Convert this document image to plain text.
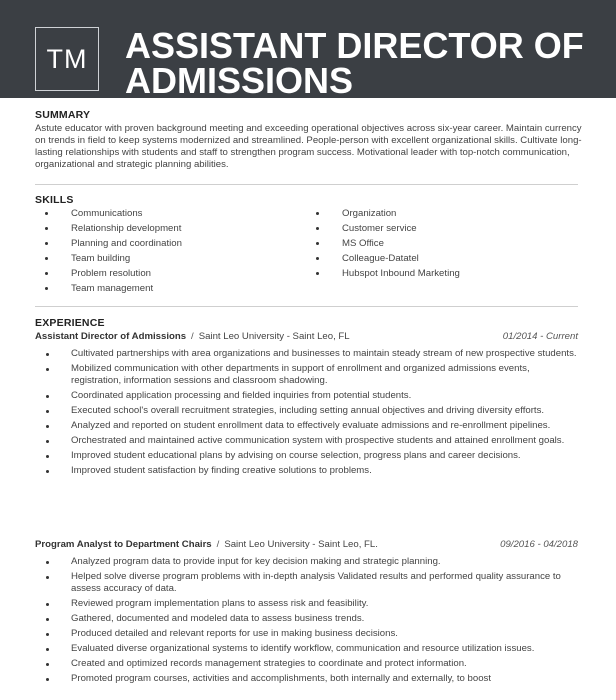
TM	ASSISTANT DIRECTOR OF ADMISSIONS
SUMMARY

Astute educator with proven background meeting and exceeding operational objectives across six-year career. Maintain currency on trends in field to keep systems modernized and streamlined. People-person with excellent organizational skills. Cultivate long-lasting relationships with students and staff to strengthen program success. Motivational leader with top-notch communication, organizational and strategic planning abilities.

SKILLS
Communications
Relationship development
Planning and coordination
Team building
Problem resolution
Team management
Organization
Customer service
MS Office
Colleague-Datatel
Hubspot Inbound Marketing
EXPERIENCE
Assistant Director of Admissions / Saint Leo University - Saint Leo, FL	01/2014 - Current
Cultivated partnerships with area organizations and businesses to maintain steady stream of new prospective students.
Mobilized communication with other departments in support of enrollment and organized admissions events, registration, information sessions and classroom shadowing.
Coordinated application processing and fielded inquiries from potential students.
Executed school's overall recruitment strategies, including setting annual objectives and driving diversity efforts.
Analyzed and reported on student enrollment data to effectively evaluate admissions and re-enrollment pipelines.
Orchestrated and maintained active communication system with prospective students and attained enrollment goals.
Improved student educational plans by advising on course selection, progress plans and career decisions.
Improved student satisfaction by finding creative solutions to problems.
Program Analyst to Department Chairs / Saint Leo University - Saint Leo, FL.	09/2016 - 04/2018
Analyzed program data to provide input for key decision making and strategic planning.
Helped solve diverse program problems with in-depth analysis Validated results and performed quality assurance to assess accuracy of data.
Reviewed program implementation plans to assess risk and feasibility.
Gathered, documented and modeled data to assess business trends.
Produced detailed and relevant reports for use in making business decisions.
Evaluated diverse organizational systems to identify workflow, communication and resource utilization issues.
Created and optimized records management strategies to coordinate and protect information.
Promoted program courses, activities and accomplishments, both internally and externally, to boost
